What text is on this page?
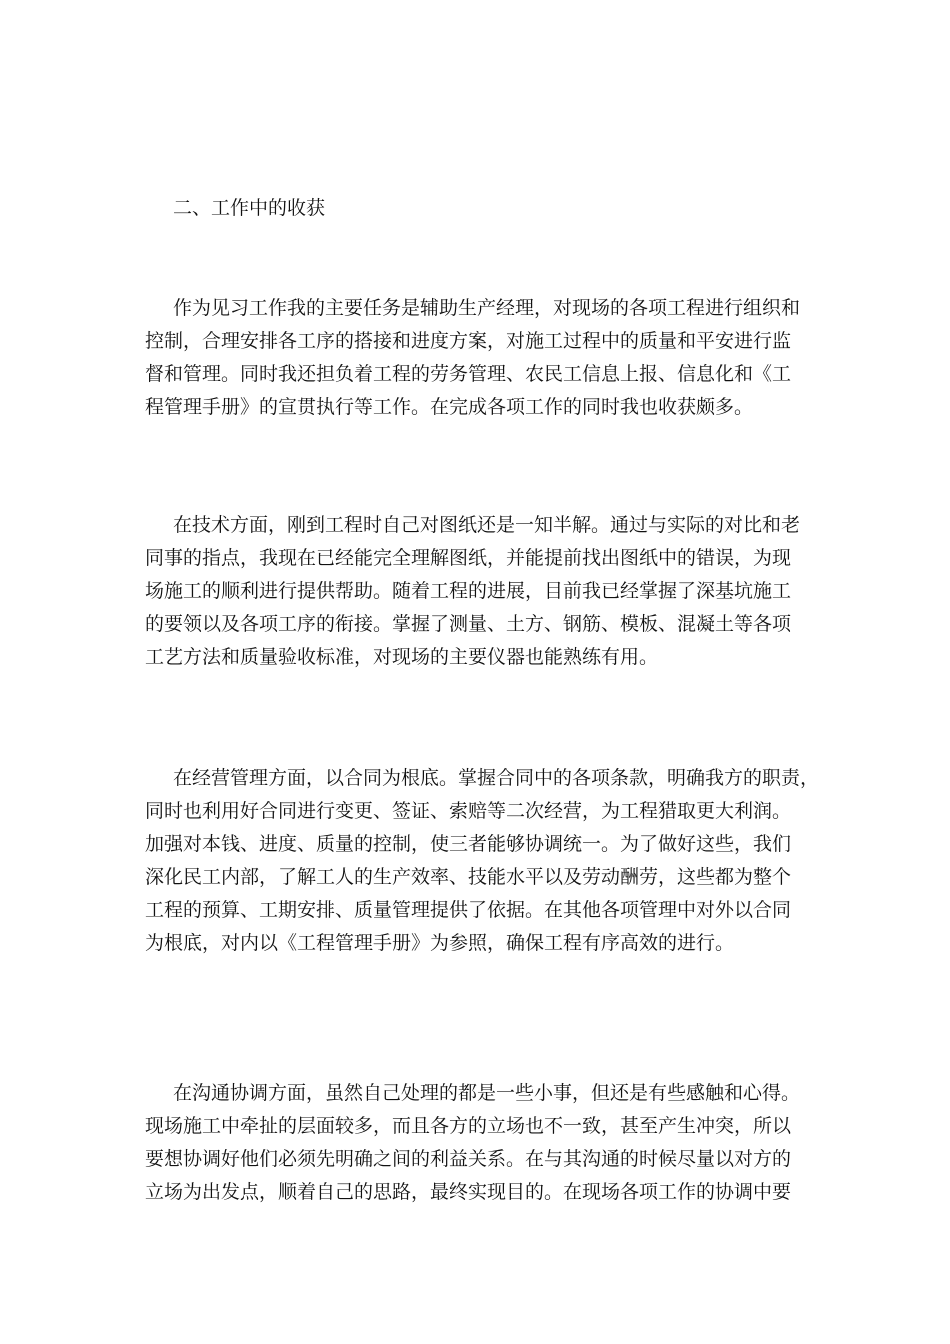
二、工作中的收获
作为见习工作我的主要任务是辅助生产经理，对现场的各项工程进行组织和
控制，合理安排各工序的搭接和进度方案，对施工过程中的质量和平安进行监
督和管理。同时我还担负着工程的劳务管理、农民工信息上报、信息化和《工
程管理手册》的宣贯执行等工作。在完成各项工作的同时我也收获颇多。
在技术方面，刚到工程时自己对图纸还是一知半解。通过与实际的对比和老
同事的指点，我现在已经能完全理解图纸，并能提前找出图纸中的错误，为现
场施工的顺利进行提供帮助。随着工程的进展，目前我已经掌握了深基坑施工
的要领以及各项工序的衔接。掌握了测量、土方、钢筋、模板、混凝土等各项
工艺方法和质量验收标准，对现场的主要仪器也能熟练有用。
在经营管理方面，以合同为根底。掌握合同中的各项条款，明确我方的职责，
同时也利用好合同进行变更、签证、索赔等二次经营，为工程猎取更大利润。
加强对本钱、进度、质量的控制，使三者能够协调统一。为了做好这些，我们
深化民工内部，了解工人的生产效率、技能水平以及劳动酬劳，这些都为整个
工程的预算、工期安排、质量管理提供了依据。在其他各项管理中对外以合同
为根底，对内以《工程管理手册》为参照，确保工程有序高效的进行。
在沟通协调方面，虽然自己处理的都是一些小事，但还是有些感触和心得。
现场施工中牵扯的层面较多，而且各方的立场也不一致，甚至产生冲突，所以
要想协调好他们必须先明确之间的利益关系。在与其沟通的时候尽量以对方的
立场为出发点，顺着自己的思路，最终实现目的。在现场各项工作的协调中要
